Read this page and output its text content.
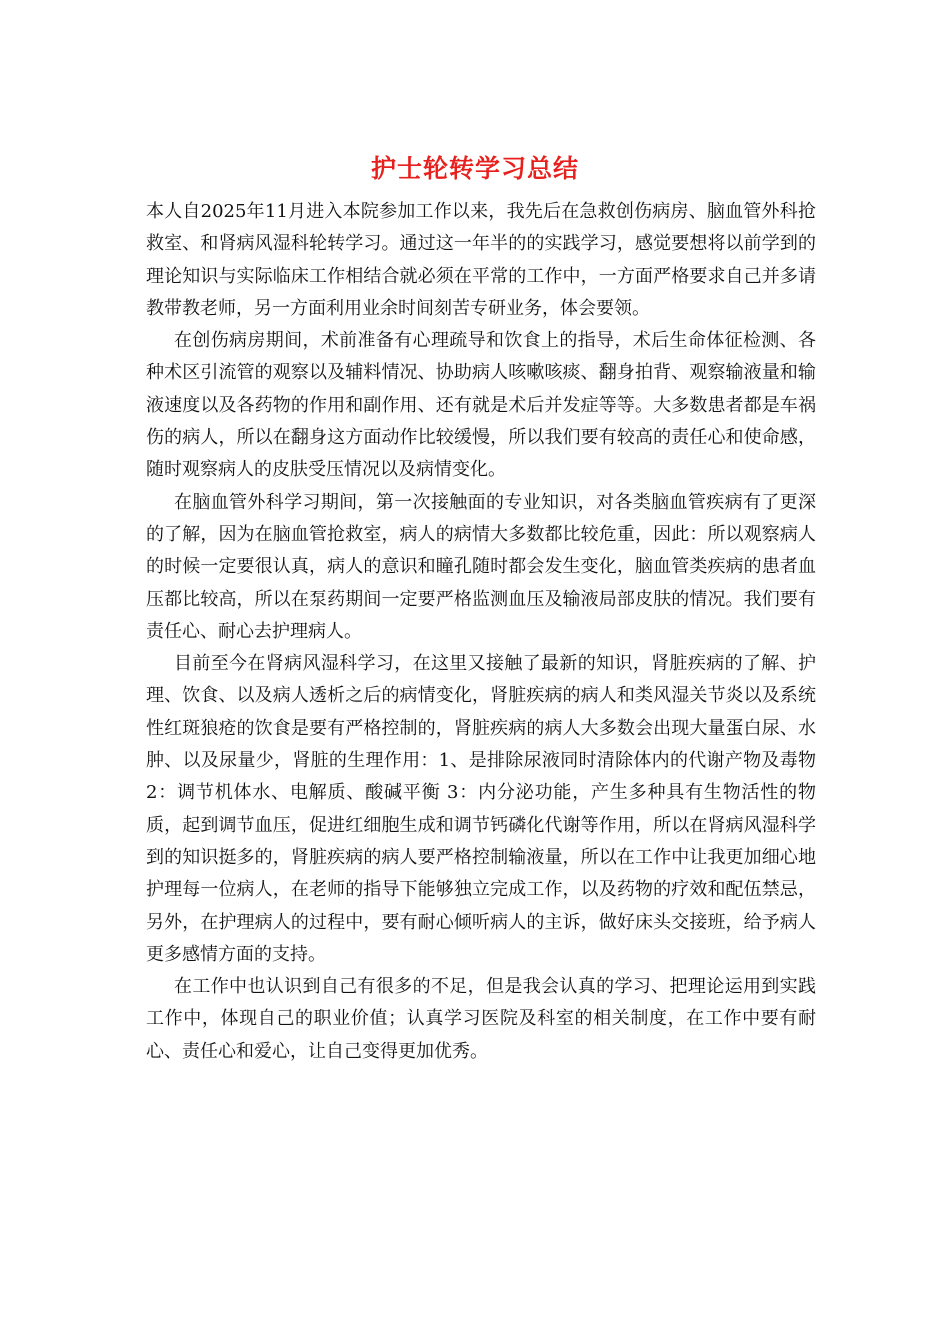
护士轮转学习总结

本人自2025年11月进入本院参加工作以来，我先后在急救创伤病房、脑血管外科抢救室、和肾病风湿科轮转学习。通过这一年半的的实践学习，感觉要想将以前学到的理论知识与实际临床工作相结合就必须在平常的工作中，一方面严格要求自己并多请教带教老师，另一方面利用业余时间刻苦专研业务，体会要领。

在创伤病房期间，术前准备有心理疏导和饮食上的指导，术后生命体征检测、各种术区引流管的观察以及辅料情况、协助病人咳嗽咳痰、翻身拍背、观察输液量和输液速度以及各药物的作用和副作用、还有就是术后并发症等等。大多数患者都是车祸伤的病人，所以在翻身这方面动作比较缓慢，所以我们要有较高的责任心和使命感，随时观察病人的皮肤受压情况以及病情变化。

在脑血管外科学习期间，第一次接触面的专业知识，对各类脑血管疾病有了更深的了解，因为在脑血管抢救室，病人的病情大多数都比较危重，因此：所以观察病人的时候一定要很认真，病人的意识和瞳孔随时都会发生变化，脑血管类疾病的患者血压都比较高，所以在泵药期间一定要严格监测血压及输液局部皮肤的情况。我们要有责任心、耐心去护理病人。

目前至今在肾病风湿科学习，在这里又接触了最新的知识，肾脏疾病的了解、护理、饮食、以及病人透析之后的病情变化，肾脏疾病的病人和类风湿关节炎以及系统性红斑狼疮的饮食是要有严格控制的，肾脏疾病的病人大多数会出现大量蛋白尿、水肿、以及尿量少，肾脏的生理作用：1、是排除尿液同时清除体内的代谢产物及毒物2：调节机体水、电解质、酸碱平衡 3：内分泌功能，产生多种具有生物活性的物质，起到调节血压，促进红细胞生成和调节钙磷化代谢等作用，所以在肾病风湿科学到的知识挺多的，肾脏疾病的病人要严格控制输液量，所以在工作中让我更加细心地护理每一位病人，在老师的指导下能够独立完成工作，以及药物的疗效和配伍禁忌，另外，在护理病人的过程中，要有耐心倾听病人的主诉，做好床头交接班，给予病人更多感情方面的支持。

在工作中也认识到自己有很多的不足，但是我会认真的学习、把理论运用到实践工作中，体现自己的职业价值；认真学习医院及科室的相关制度，在工作中要有耐心、责任心和爱心，让自己变得更加优秀。
